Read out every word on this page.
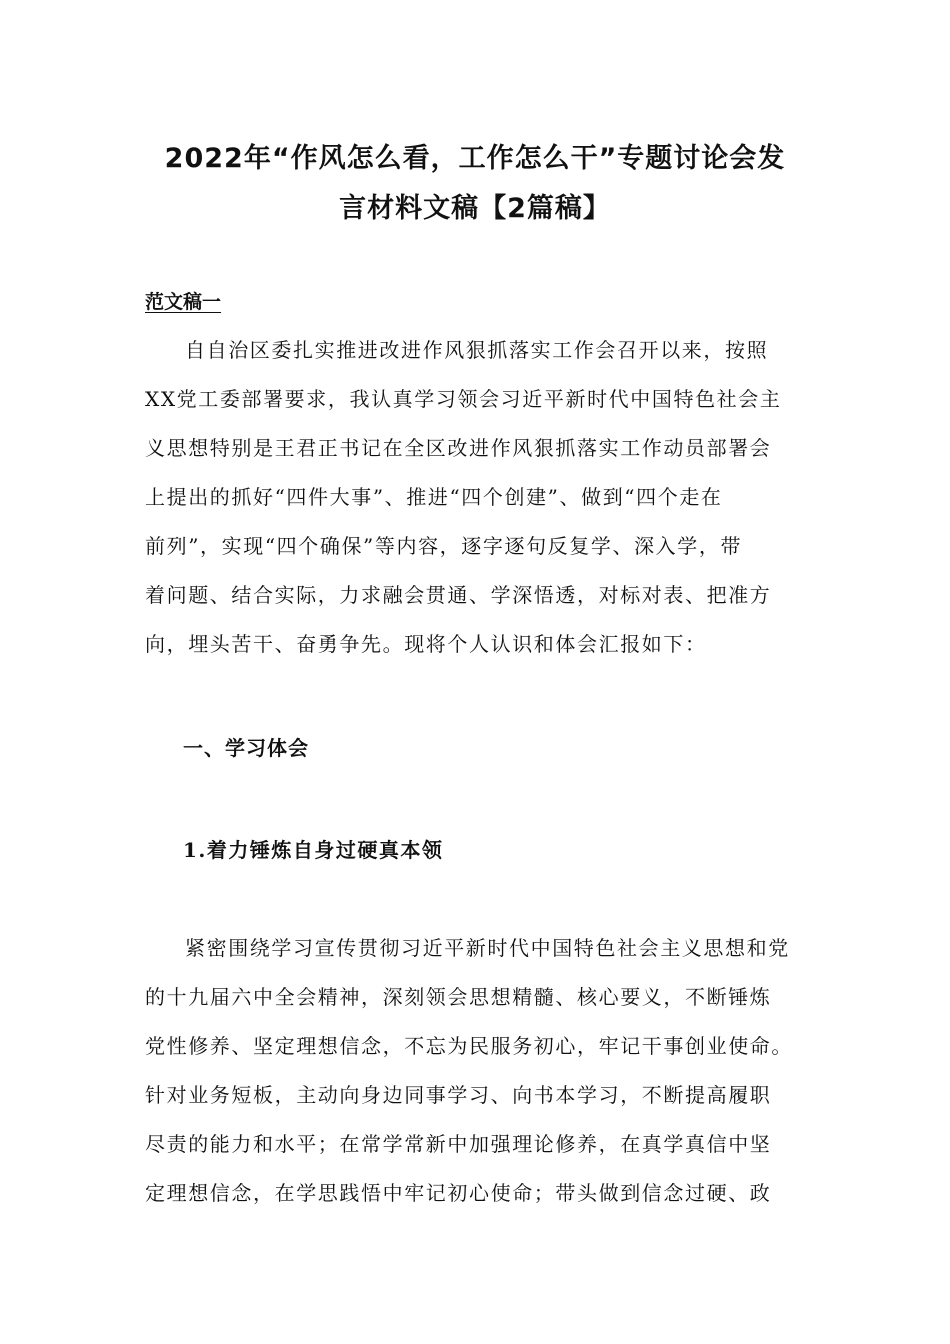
2022年“作风怎么看，工作怎么干”专题讨论会发
言材料文稿【2篇稿】

范文稿一

自自治区委扎实推进改进作风狠抓落实工作会召开以来，按照
XX党工委部署要求，我认真学习领会习近平新时代中国特色社会主
义思想特别是王君正书记在全区改进作风狠抓落实工作动员部署会
上提出的抓好“四件大事”、推进“四个创建”、做到“四个走在
前列”，实现“四个确保”等内容，逐字逐句反复学、深入学，带
着问题、结合实际，力求融会贯通、学深悟透，对标对表、把准方
向，埋头苦干、奋勇争先。现将个人认识和体会汇报如下：
一、学习体会
1.着力锤炼自身过硬真本领
紧密围绕学习宣传贯彻习近平新时代中国特色社会主义思想和党
的十九届六中全会精神，深刻领会思想精髓、核心要义，不断锤炼
党性修养、坚定理想信念，不忘为民服务初心，牢记干事创业使命。
针对业务短板，主动向身边同事学习、向书本学习，不断提高履职
尽责的能力和水平；在常学常新中加强理论修养，在真学真信中坚
定理想信念，在学思践悟中牢记初心使命；带头做到信念过硬、政
